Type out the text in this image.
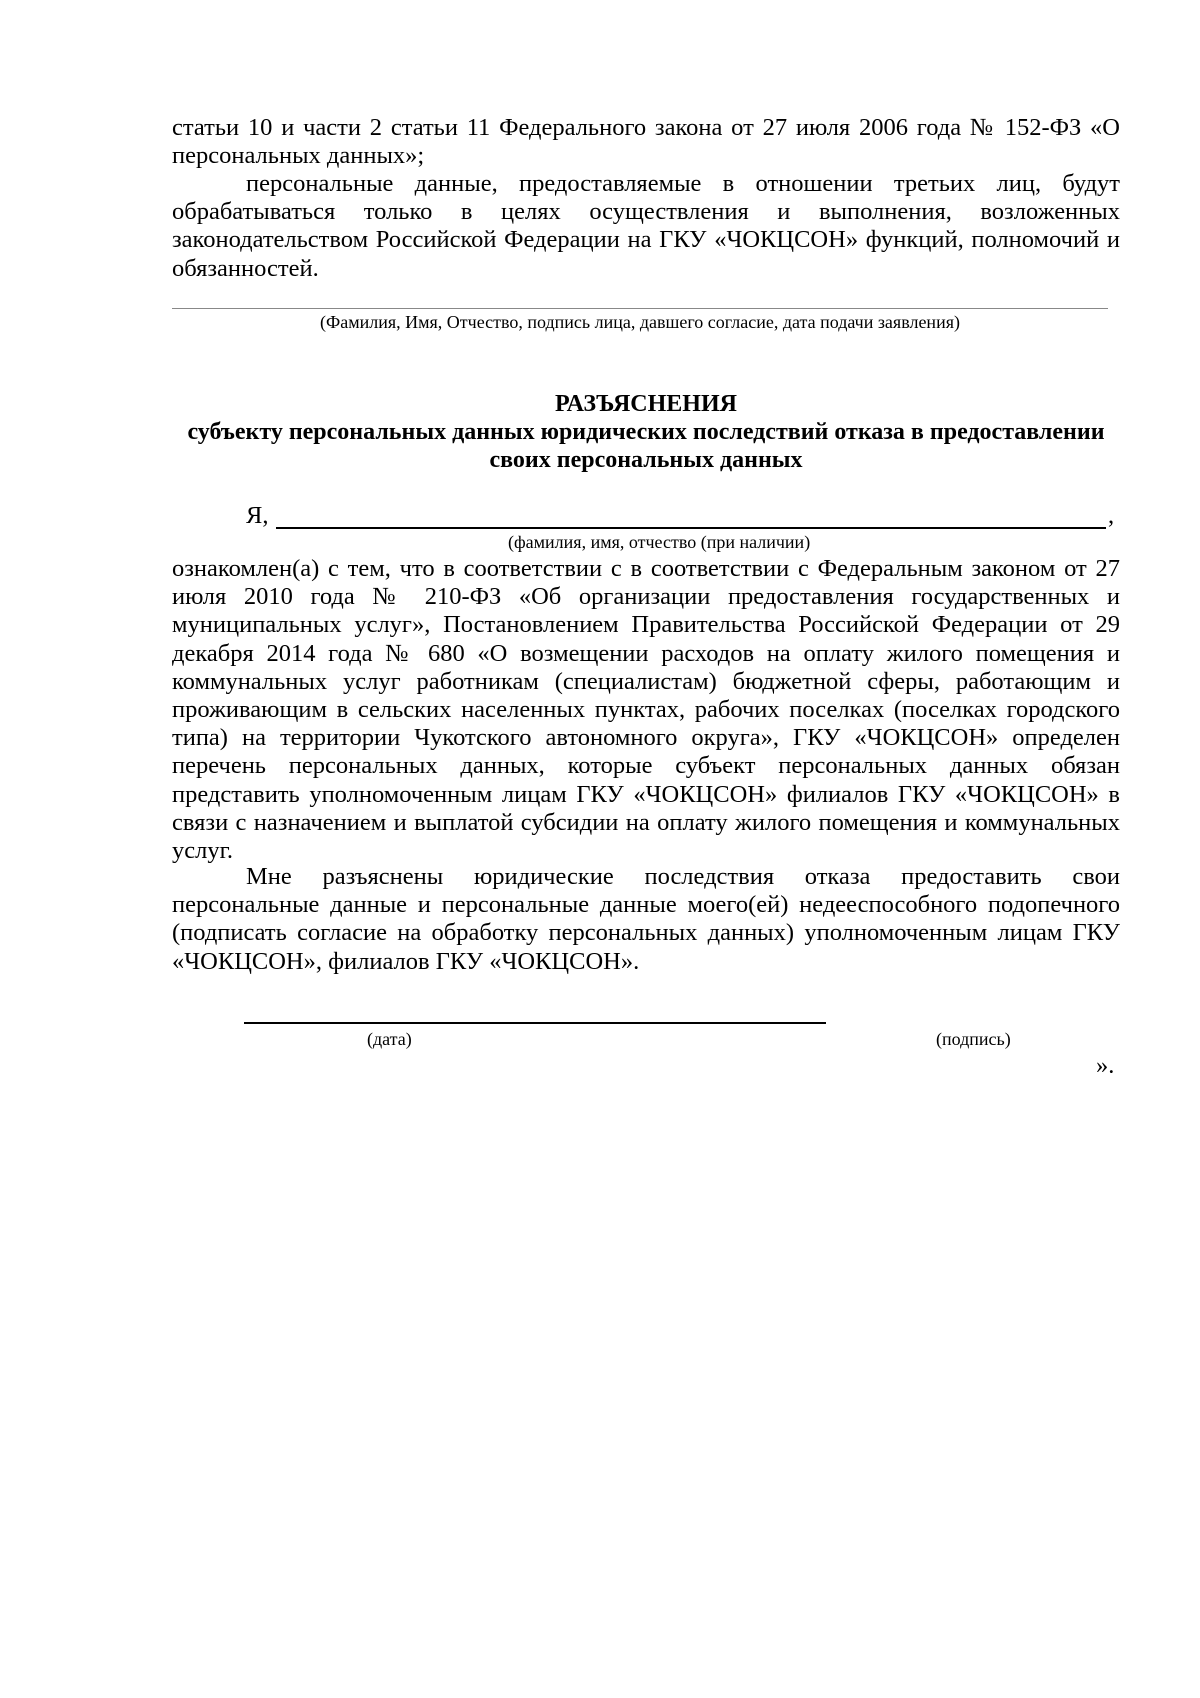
статьи 10 и части 2 статьи 11 Федерального закона от 27 июля 2006 года № 152-ФЗ «О персональных данных»;

персональные данные, предоставляемые в отношении третьих лиц, будут обрабатываться только в целях осуществления и выполнения, возложенных законодательством Российской Федерации на ГКУ «ЧОКЦСОН» функций, полномочий и обязанностей.

(Фамилия, Имя, Отчество, подпись лица, давшего согласие, дата подачи заявления)

РАЗЪЯСНЕНИЯ

субъекту персональных данных юридических последствий отказа в предоставлении своих персональных данных

Я,	,
(фамилия, имя, отчество (при наличии)

ознакомлен(а) с тем, что в соответствии с в соответствии с Федеральным законом от 27 июля 2010 года № 210-ФЗ «Об организации предоставления государственных и муниципальных услуг», Постановлением Правительства Российской Федерации от 29 декабря 2014 года № 680 «О возмещении расходов на оплату жилого помещения и коммунальных услуг работникам (специалистам) бюджетной сферы, работающим и проживающим в сельских населенных пунктах, рабочих поселках (поселках городского типа) на территории Чукотского автономного округа», ГКУ «ЧОКЦСОН» определен перечень персональных данных, которые субъект персональных данных обязан представить уполномоченным лицам ГКУ «ЧОКЦСОН» филиалов ГКУ «ЧОКЦСОН» в связи с назначением и выплатой субсидии на оплату жилого помещения и коммунальных услуг.

Мне разъяснены юридические последствия отказа предоставить свои персональные данные и персональные данные моего(ей) недееспособного подопечного (подписать согласие на обработку персональных данных) уполномоченным лицам ГКУ «ЧОКЦСОН», филиалов ГКУ «ЧОКЦСОН».

(дата)	(подпись)
».
